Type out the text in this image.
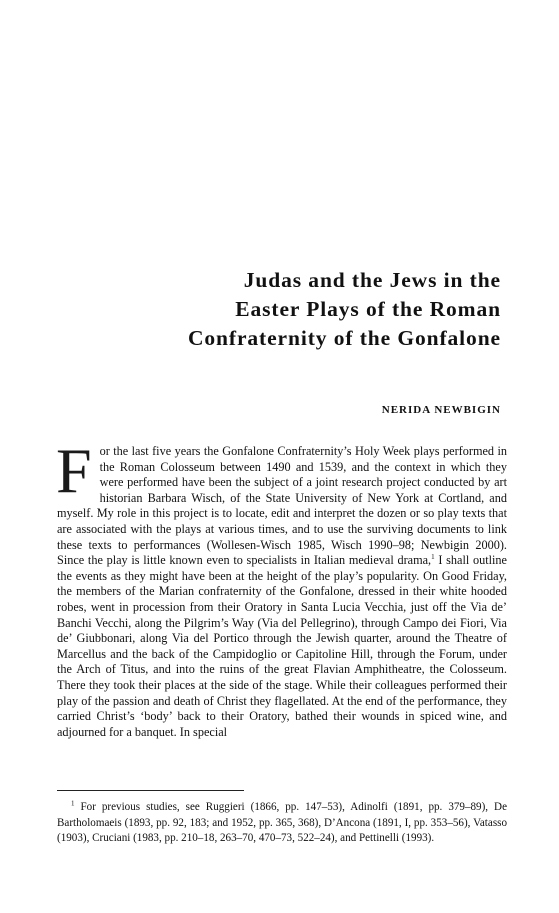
Judas and the Jews in the
Easter Plays of the Roman
Confraternity of the Gonfalone
NERIDA NEWBIGIN
For the last five years the Gonfalone Confraternity’s Holy Week plays performed in the Roman Colosseum between 1490 and 1539, and the context in which they were performed have been the subject of a joint research project conducted by art historian Barbara Wisch, of the State University of New York at Cortland, and myself. My role in this project is to locate, edit and interpret the dozen or so play texts that are associated with the plays at various times, and to use the surviving documents to link these texts to performances (Wollesen-Wisch 1985, Wisch 1990–98; Newbigin 2000). Since the play is little known even to specialists in Italian medieval drama,$^1$ I shall outline the events as they might have been at the height of the play’s popularity. On Good Friday, the members of the Marian confraternity of the Gonfalone, dressed in their white hooded robes, went in procession from their Oratory in Santa Lucia Vecchia, just off the Via de’ Banchi Vecchi, along the Pilgrim’s Way (Via del Pellegrino), through Campo dei Fiori, Via de’ Giubbonari, along Via del Portico through the Jewish quarter, around the Theatre of Marcellus and the back of the Campidoglio or Capitoline Hill, through the Forum, under the Arch of Titus, and into the ruins of the great Flavian Amphitheatre, the Colosseum. There they took their places at the side of the stage. While their colleagues performed their play of the passion and death of Christ they flagellated. At the end of the performance, they carried Christ’s ‘body’ back to their Oratory, bathed their wounds in spiced wine, and adjourned for a banquet. In special
$^1$ For previous studies, see Ruggieri (1866, pp. 147–53), Adinolfi (1891, pp. 379–89), De Bartholomaeis (1893, pp. 92, 183; and 1952, pp. 365, 368), D’Ancona (1891, I, pp. 353–56), Vatasso (1903), Cruciani (1983, pp. 210–18, 263–70, 470–73, 522–24), and Pettinelli (1993).
